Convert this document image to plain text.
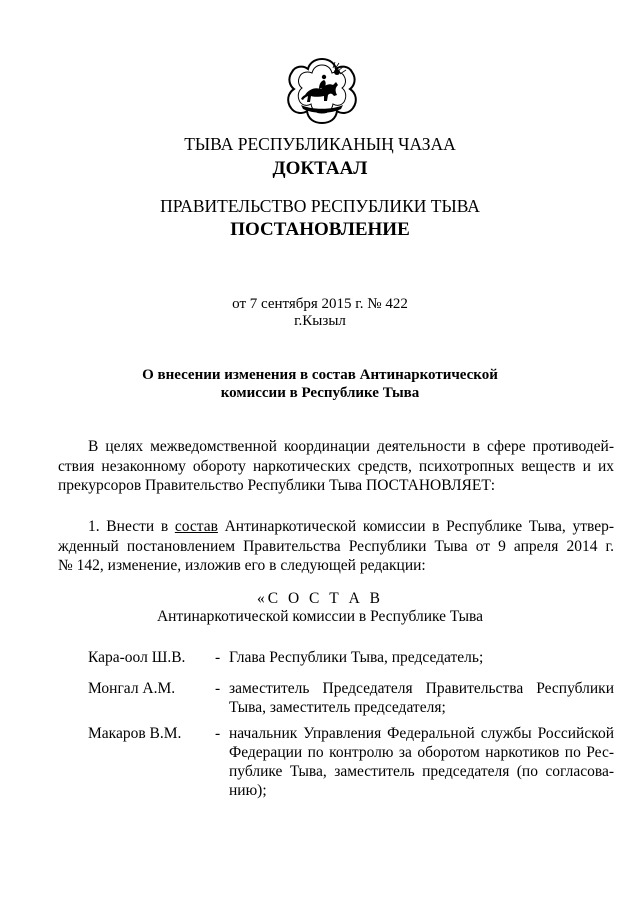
ТЫВА РЕСПУБЛИКАНЫҢ ЧАЗАА
ДОКТААЛ
ПРАВИТЕЛЬСТВО РЕСПУБЛИКИ ТЫВА
ПОСТАНОВЛЕНИЕ
от 7 сентября 2015 г. № 422
г.Кызыл
О внесении изменения в состав Антинаркотической
комиссии в Республике Тыва
В целях межведомственной координации деятельности в сфере противодей-
ствия незаконному обороту наркотических средств, психотропных веществ и их
прекурсоров Правительство Республики Тыва ПОСТАНОВЛЯЕТ:
1. Внести в состав Антинаркотической комиссии в Республике Тыва, утвер-
жденный постановлением Правительства Республики Тыва от 9 апреля 2014 г.
№ 142, изменение, изложив его в следующей редакции:
«С О С Т А В
Антинаркотической комиссии в Республике Тыва
Кара-оол Ш.В.	- Глава Республики Тыва, председатель;
Монгал А.М.	- заместитель Председателя Правительства Республики
Тыва, заместитель председателя;
Макаров В.М.	- начальник Управления Федеральной службы Российской
Федерации по контролю за оборотом наркотиков по Рес-
публике Тыва, заместитель председателя (по согласова-
нию);
